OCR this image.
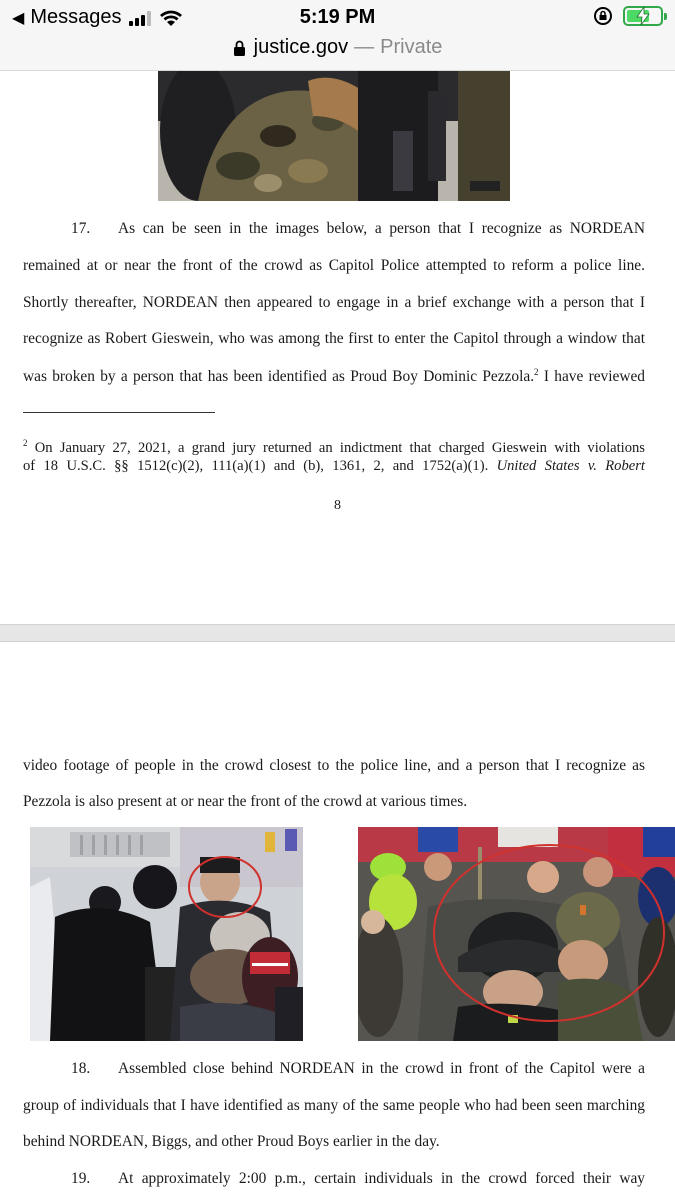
◀ Messages	5:19 PM
justice.gov — Private
17. As can be seen in the images below, a person that I recognize as NORDEAN
remained at or near the front of the crowd as Capitol Police attempted to reform a police line.
Shortly thereafter, NORDEAN then appeared to engage in a brief exchange with a person that I
recognize as Robert Gieswein, who was among the first to enter the Capitol through a window that
was broken by a person that has been identified as Proud Boy Dominic Pezzola.$^2$ I have reviewed
$^2$ On January 27, 2021, a grand jury returned an indictment that charged Gieswein with violations
of 18 U.S.C. §§ 1512(c)(2), 111(a)(1) and (b), 1361, 2, and 1752(a)(1). United States v. Robert
8
video footage of people in the crowd closest to the police line, and a person that I recognize as
Pezzola is also present at or near the front of the crowd at various times.
18. Assembled close behind NORDEAN in the crowd in front of the Capitol were a
group of individuals that I have identified as many of the same people who had been seen marching
behind NORDEAN, Biggs, and other Proud Boys earlier in the day.
19. At approximately 2:00 p.m., certain individuals in the crowd forced their way
